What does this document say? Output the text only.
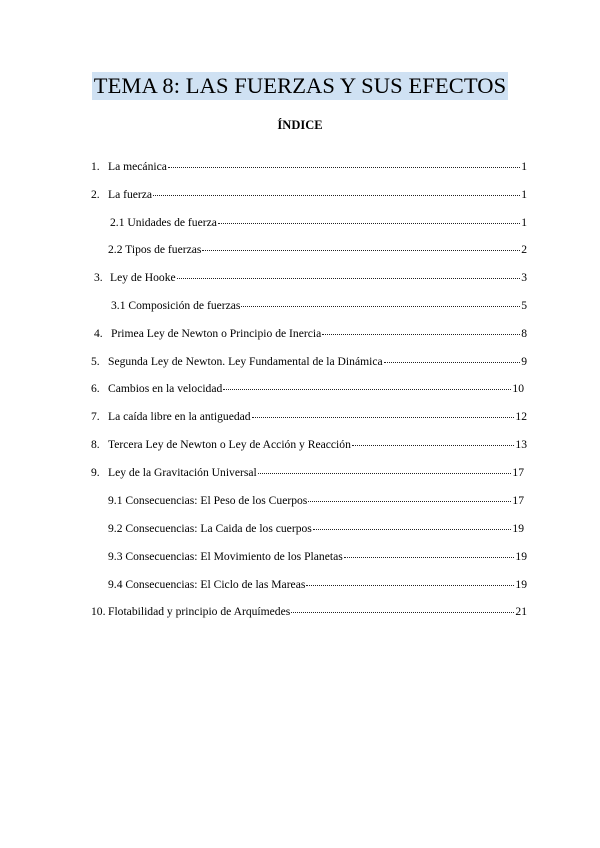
TEMA 8: LAS FUERZAS Y SUS EFECTOS
ÍNDICE
1. La mecánica	1
2. La fuerza	1
2.1 Unidades de fuerza	1
2.2 Tipos de fuerzas	2
3. Ley de Hooke	3
3.1 Composición de fuerzas	5
4. Primea Ley de Newton o Principio de Inercia	8
5. Segunda Ley de Newton. Ley Fundamental de la Dinámica	9
6. Cambios en la velocidad	10
7. La caída libre en la antiguedad	12
8. Tercera Ley de Newton o Ley de Acción y Reacción	13
9. Ley de la Gravitación Universal	17
9.1 Consecuencias: El Peso de los Cuerpos	17
9.2 Consecuencias: La Caida de los cuerpos	19
9.3 Consecuencias: El Movimiento de los Planetas	19
9.4 Consecuencias: El Ciclo de las Mareas	19
10. Flotabilidad y principio de Arquímedes	21
